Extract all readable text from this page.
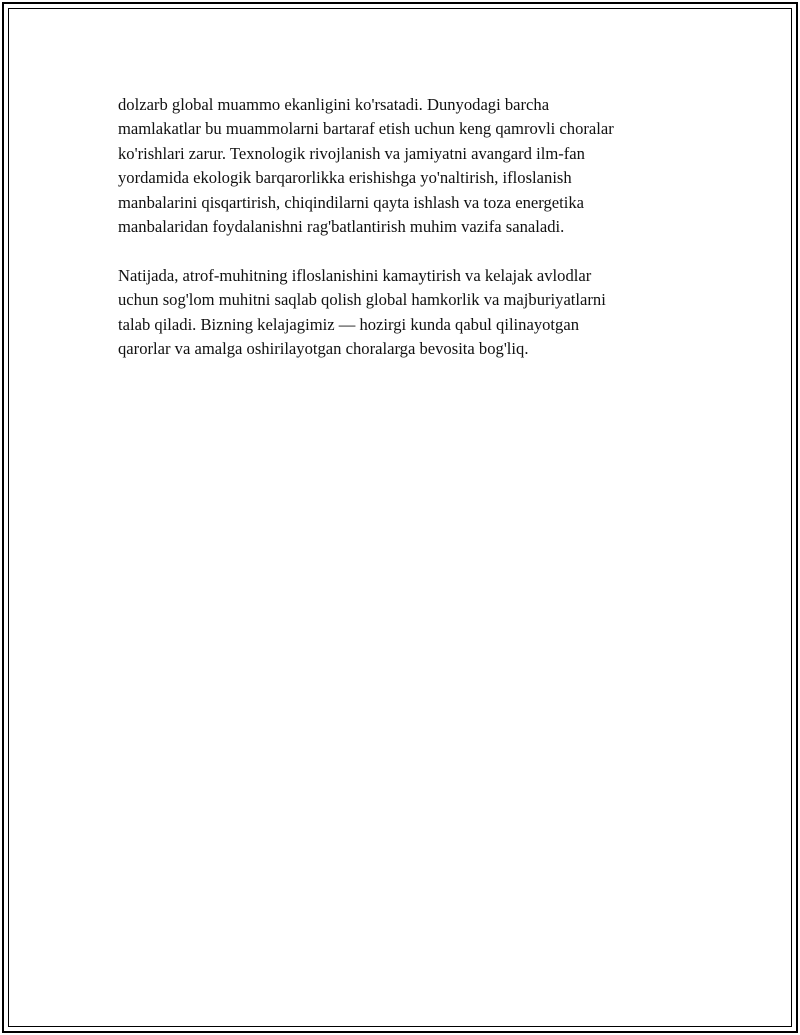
dolzarb global muammo ekanligini ko'rsatadi. Dunyodagi barcha
mamlakatlar bu muammolarni bartaraf etish uchun keng qamrovli choralar
ko'rishlari zarur. Texnologik rivojlanish va jamiyatni avangard ilm-fan
yordamida ekologik barqarorlikka erishishga yo'naltirish, ifloslanish
manbalarini qisqartirish, chiqindilarni qayta ishlash va toza energetika
manbalaridan foydalanishni rag'batlantirish muhim vazifa sanaladi.

Natijada, atrof-muhitning ifloslanishini kamaytirish va kelajak avlodlar
uchun sog'lom muhitni saqlab qolish global hamkorlik va majburiyatlarni
talab qiladi. Bizning kelajagimiz — hozirgi kunda qabul qilinayotgan
qarorlar va amalga oshirilayotgan choralarga bevosita bog'liq.
